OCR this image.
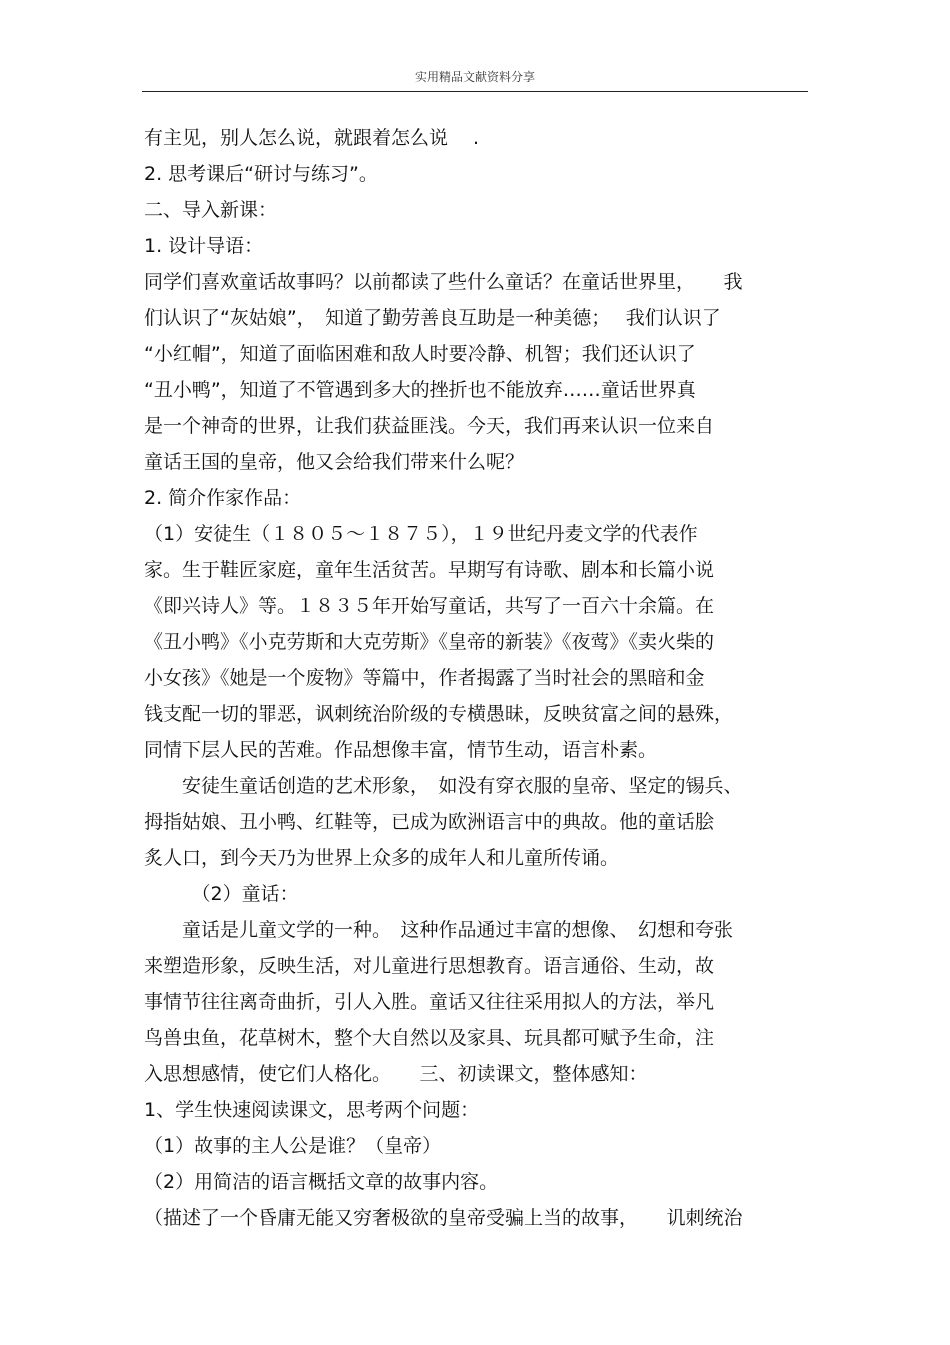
实用精品文献资料分享
有主见，别人怎么说，就跟着怎么说　 .
2. 思考课后“研讨与练习”。
二、导入新课：
1. 设计导语：
同学们喜欢童话故事吗？以前都读了些什么童话？在童话世界里，　　我
们认识了“灰姑娘”，　知道了勤劳善良互助是一种美德；　 我们认识了
“小红帽”，知道了面临困难和敌人时要冷静、机智；我们还认识了
“丑小鸭”，知道了不管遇到多大的挫折也不能放弃……童话世界真
是一个神奇的世界，让我们获益匪浅。今天，我们再来认识一位来自
童话王国的皇帝，他又会给我们带来什么呢？
2. 简介作家作品：
（1）安徒生（１８０５～１８７５），１９世纪丹麦文学的代表作
家。生于鞋匠家庭，童年生活贫苦。早期写有诗歌、剧本和长篇小说
《即兴诗人》等。１８３５年开始写童话，共写了一百六十余篇。在
《丑小鸭》《小克劳斯和大克劳斯》《皇帝的新装》《夜莺》《卖火柴的
小女孩》《她是一个废物》等篇中，作者揭露了当时社会的黑暗和金
钱支配一切的罪恶，讽刺统治阶级的专横愚昧，反映贫富之间的悬殊，
同情下层人民的苦难。作品想像丰富，情节生动，语言朴素。
　　安徒生童话创造的艺术形象，　如没有穿衣服的皇帝、坚定的锡兵、
拇指姑娘、丑小鸭、红鞋等，已成为欧洲语言中的典故。他的童话脍
炙人口，到今天乃为世界上众多的成年人和儿童所传诵。
　　　（2）童话：
　　童话是儿童文学的一种。　这种作品通过丰富的想像、　幻想和夸张
来塑造形象，反映生活，对儿童进行思想教育。语言通俗、生动，故
事情节往往离奇曲折，引人入胜。童话又往往采用拟人的方法，举凡
鸟兽虫鱼，花草树木，整个大自然以及家具、玩具都可赋予生命，注
入思想感情，使它们人格化。　　三、初读课文，整体感知：
1、学生快速阅读课文，思考两个问题：
（1）故事的主人公是谁？（皇帝）
（2）用简洁的语言概括文章的故事内容。
（描述了一个昏庸无能又穷奢极欲的皇帝受骗上当的故事，　　讥刺统治
